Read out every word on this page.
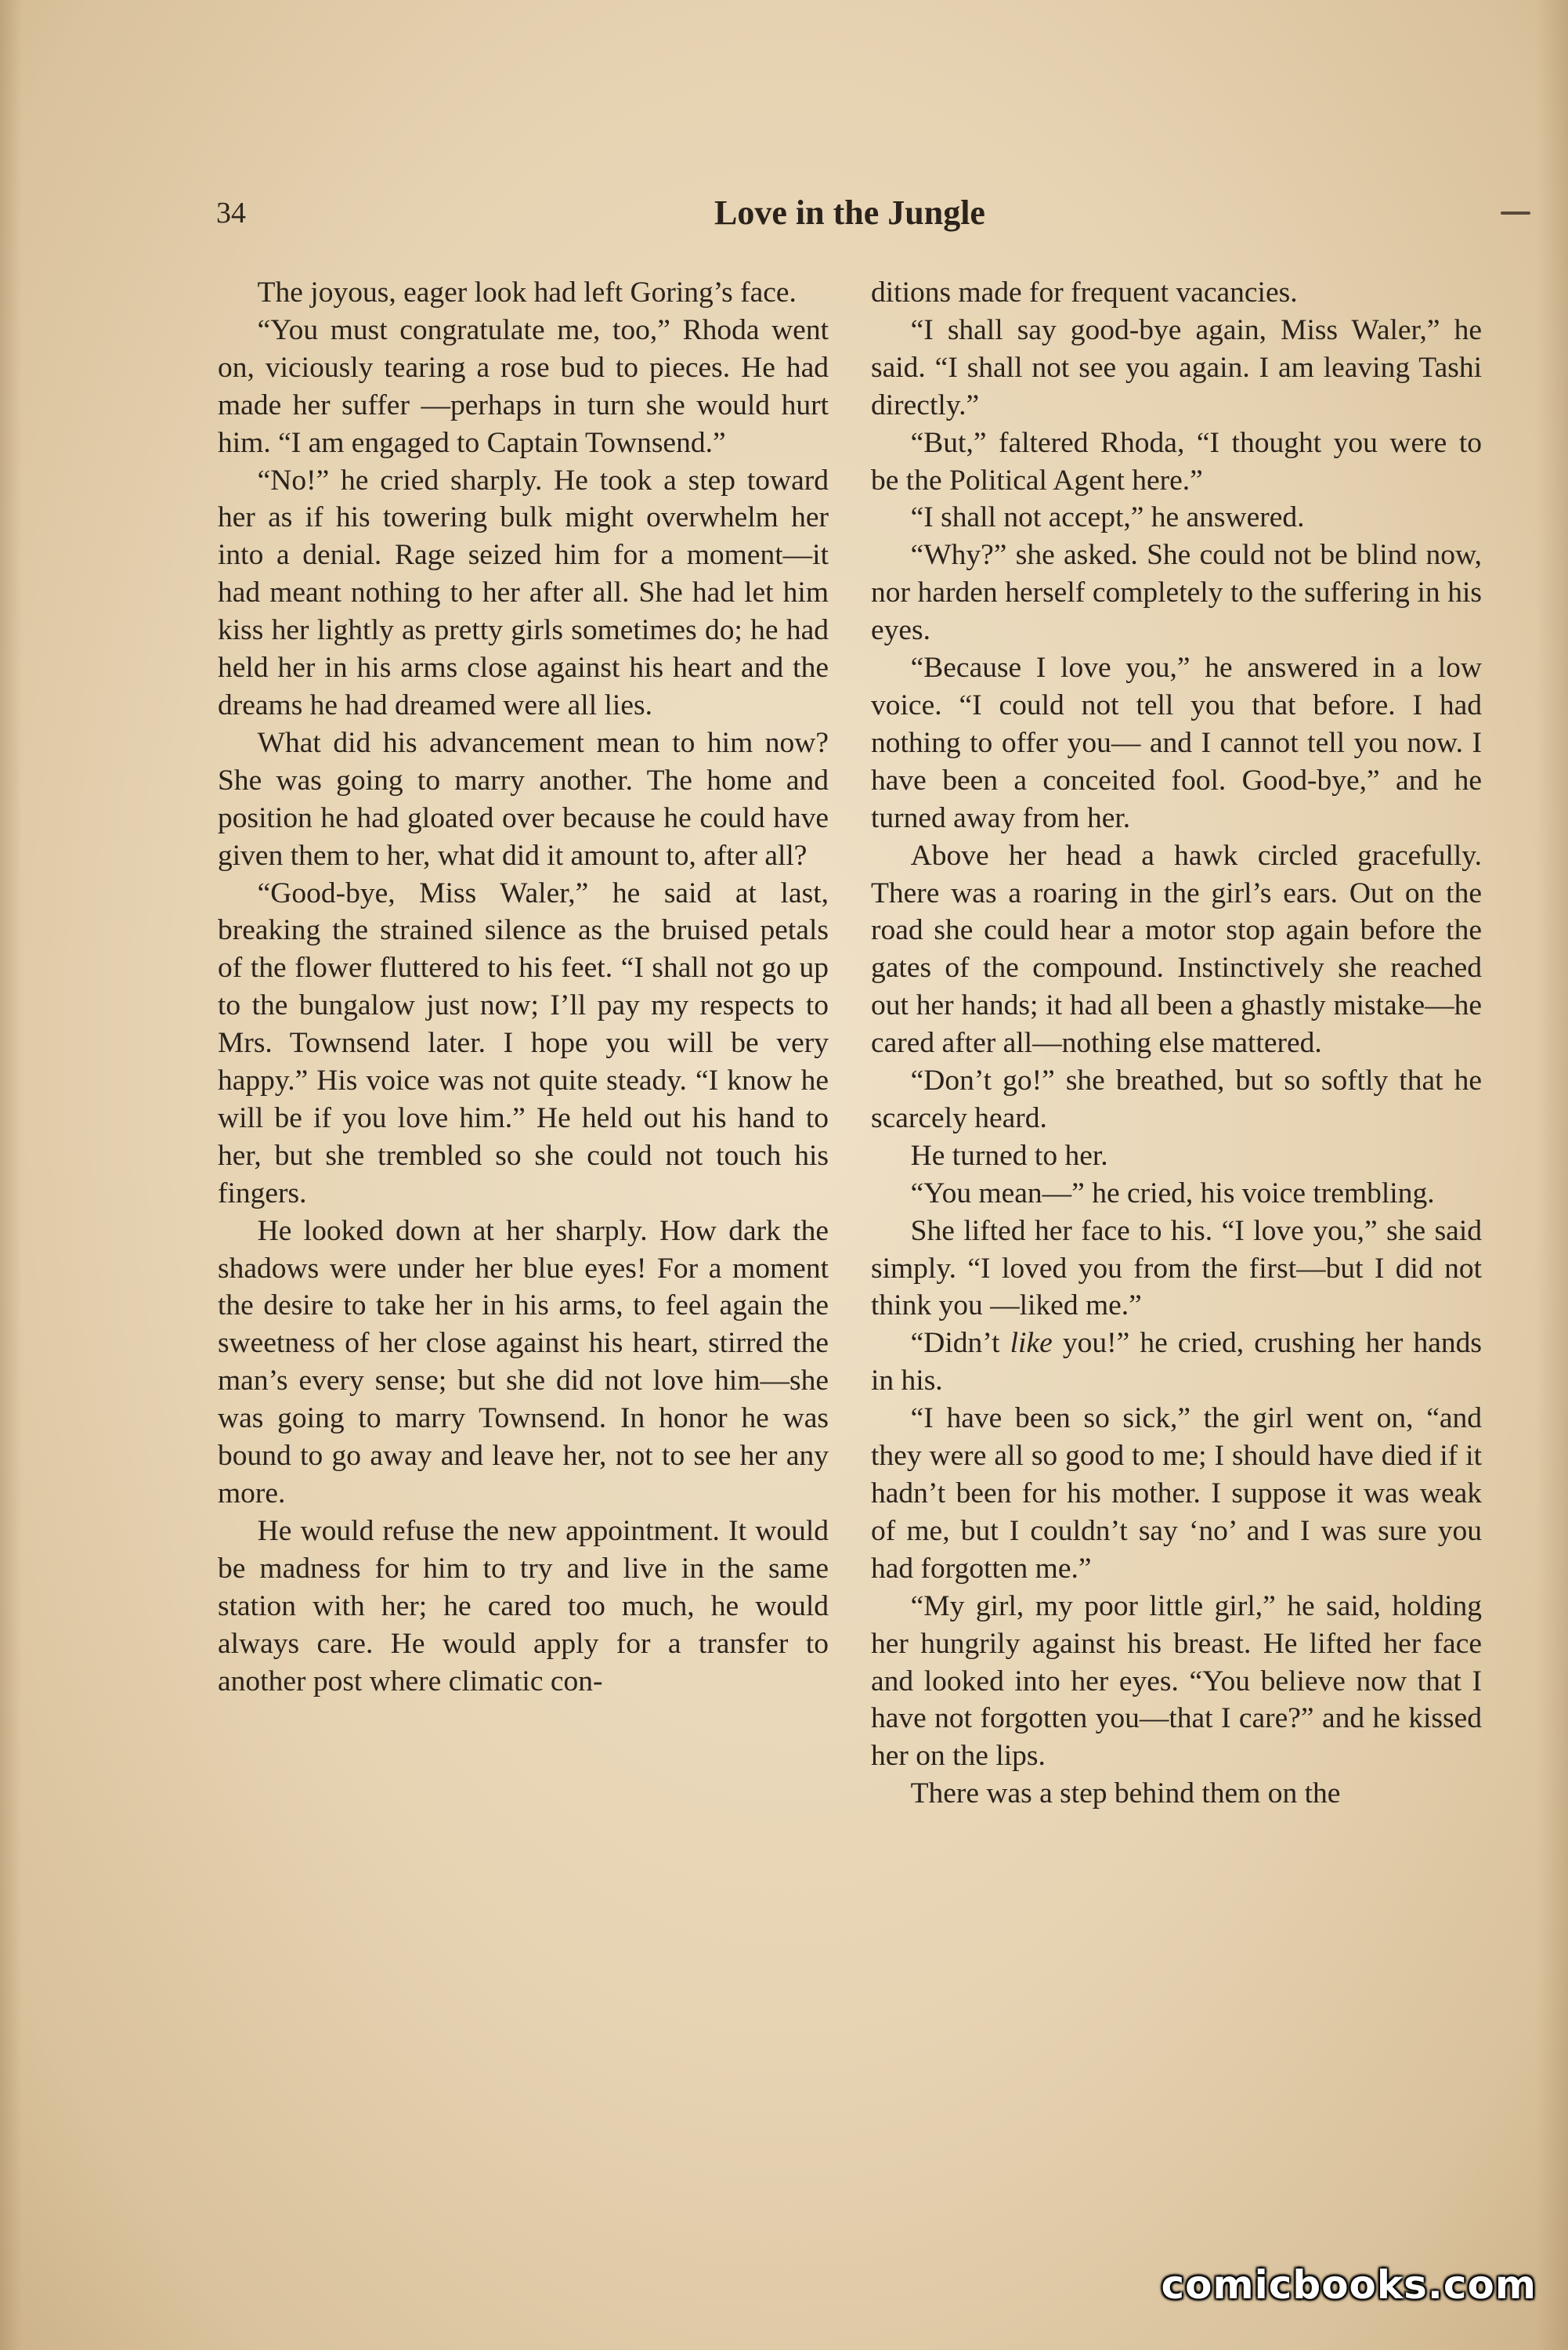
34	Love in the Jungle

The joyous, eager look had left Goring’s face.

“You must congratulate me, too,” Rhoda went on, viciously tearing a rose bud to pieces. He had made her suffer —perhaps in turn she would hurt him. “I am engaged to Captain Townsend.”

“No!” he cried sharply. He took a step toward her as if his towering bulk might overwhelm her into a denial. Rage seized him for a moment—it had meant nothing to her after all. She had let him kiss her lightly as pretty girls sometimes do; he had held her in his arms close against his heart and the dreams he had dreamed were all lies.

What did his advancement mean to him now? She was going to marry another. The home and position he had gloated over because he could have given them to her, what did it amount to, after all?

“Good-bye, Miss Waler,” he said at last, breaking the strained silence as the bruised petals of the flower fluttered to his feet. “I shall not go up to the bungalow just now; I’ll pay my respects to Mrs. Townsend later. I hope you will be very happy.” His voice was not quite steady. “I know he will be if you love him.” He held out his hand to her, but she trembled so she could not touch his fingers.

He looked down at her sharply. How dark the shadows were under her blue eyes! For a moment the desire to take her in his arms, to feel again the sweetness of her close against his heart, stirred the man’s every sense; but she did not love him—she was going to marry Townsend. In honor he was bound to go away and leave her, not to see her any more.

He would refuse the new appointment. It would be madness for him to try and live in the same station with her; he cared too much, he would always care. He would apply for a transfer to another post where climatic con-

ditions made for frequent vacancies.

“I shall say good-bye again, Miss Waler,” he said. “I shall not see you again. I am leaving Tashi directly.”

“But,” faltered Rhoda, “I thought you were to be the Political Agent here.”

“I shall not accept,” he answered.

“Why?” she asked. She could not be blind now, nor harden herself completely to the suffering in his eyes.

“Because I love you,” he answered in a low voice. “I could not tell you that before. I had nothing to offer you— and I cannot tell you now. I have been a conceited fool. Good-bye,” and he turned away from her.

Above her head a hawk circled gracefully. There was a roaring in the girl’s ears. Out on the road she could hear a motor stop again before the gates of the compound. Instinctively she reached out her hands; it had all been a ghastly mistake—he cared after all—nothing else mattered.

“Don’t go!” she breathed, but so softly that he scarcely heard.

He turned to her.

“You mean—” he cried, his voice trembling.

She lifted her face to his. “I love you,” she said simply. “I loved you from the first—but I did not think you —liked me.”

“Didn’t like you!” he cried, crushing her hands in his.

“I have been so sick,” the girl went on, “and they were all so good to me; I should have died if it hadn’t been for his mother. I suppose it was weak of me, but I couldn’t say ‘no’ and I was sure you had forgotten me.”

“My girl, my poor little girl,” he said, holding her hungrily against his breast. He lifted her face and looked into her eyes. “You believe now that I have not forgotten you—that I care?” and he kissed her on the lips.

There was a step behind them on the

comicbooks.com
